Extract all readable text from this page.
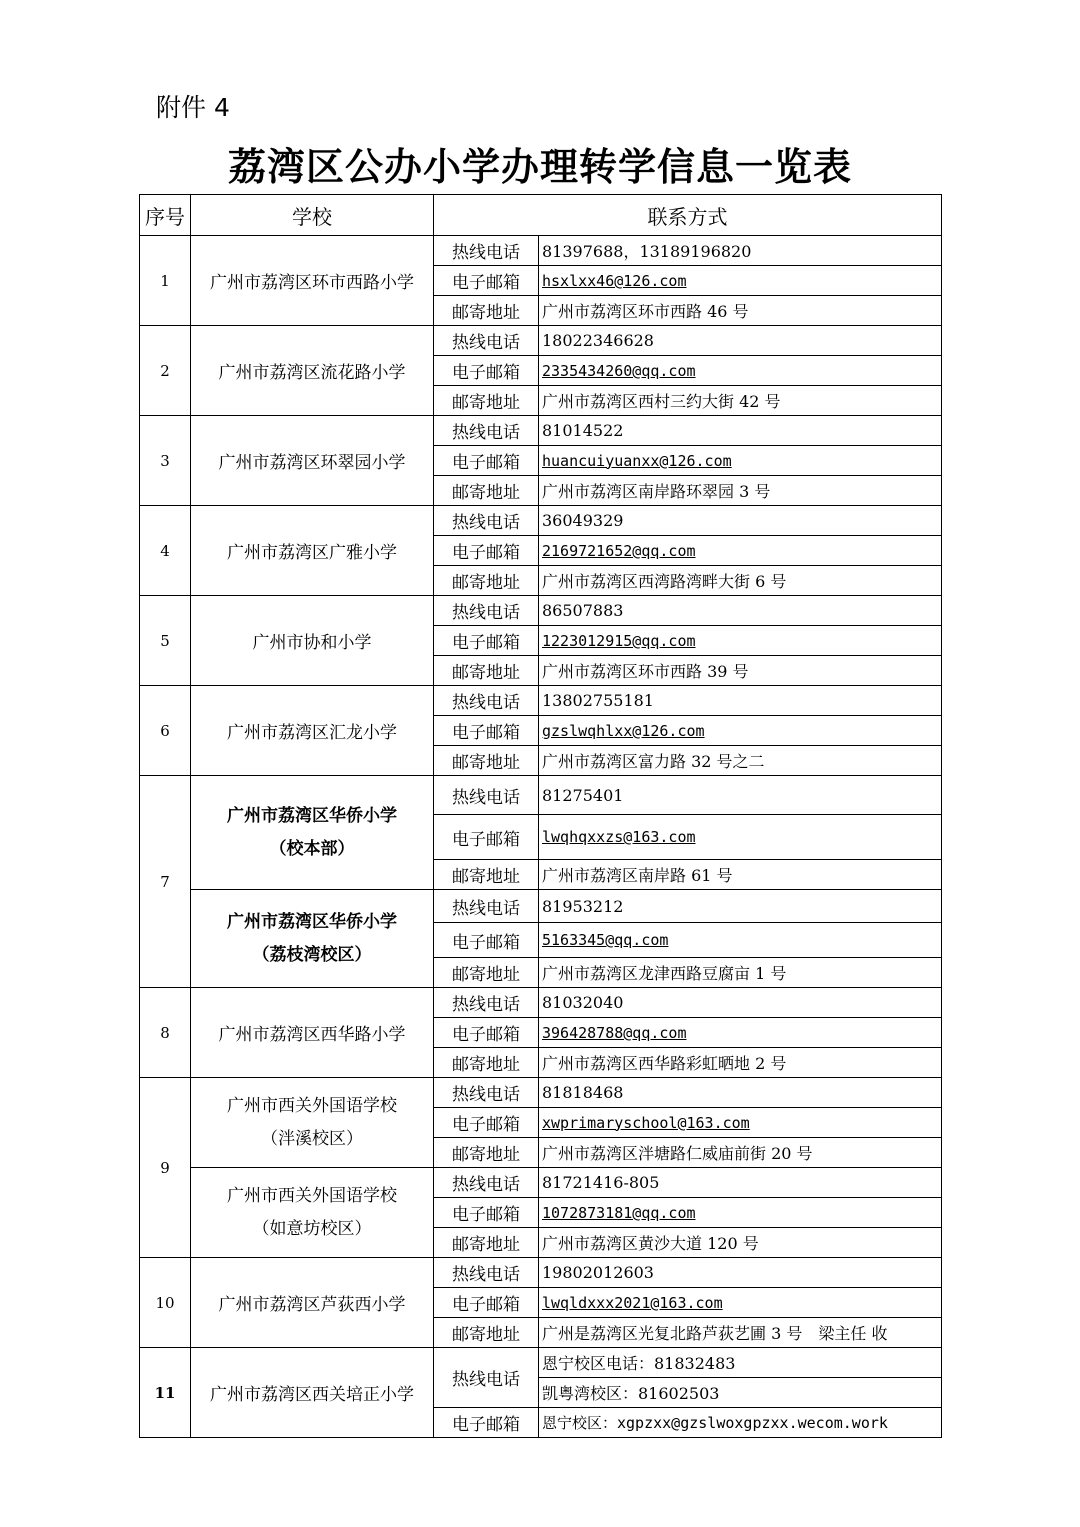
附件 4
荔湾区公办小学办理转学信息一览表
序号	学校	联系方式	
1	广州市荔湾区环市西路小学	热线电话	81397688，13189196820
		电子邮箱	hsxlxx46@126.com
		邮寄地址	广州市荔湾区环市西路 46 号
2	广州市荔湾区流花路小学	热线电话	18022346628
		电子邮箱	2335434260@qq.com
		邮寄地址	广州市荔湾区西村三约大街 42 号
3	广州市荔湾区环翠园小学	热线电话	81014522
		电子邮箱	huancuiyuanxx@126.com
		邮寄地址	广州市荔湾区南岸路环翠园 3 号
4	广州市荔湾区广雅小学	热线电话	36049329
		电子邮箱	2169721652@qq.com
		邮寄地址	广州市荔湾区西湾路湾畔大街 6 号
5	广州市协和小学	热线电话	86507883
		电子邮箱	1223012915@qq.com
		邮寄地址	广州市荔湾区环市西路 39 号
6	广州市荔湾区汇龙小学	热线电话	13802755181
		电子邮箱	gzslwqhlxx@126.com
		邮寄地址	广州市荔湾区富力路 32 号之二
7	广州市荔湾区华侨小学
（校本部）	热线电话	81275401
		电子邮箱	lwqhqxxzs@163.com
		邮寄地址	广州市荔湾区南岸路 61 号
	广州市荔湾区华侨小学
（荔枝湾校区）	热线电话	81953212
		电子邮箱	5163345@qq.com
		邮寄地址	广州市荔湾区龙津西路豆腐亩 1 号
8	广州市荔湾区西华路小学	热线电话	81032040
		电子邮箱	396428788@qq.com
		邮寄地址	广州市荔湾区西华路彩虹晒地 2 号
9	广州市西关外国语学校
（泮溪校区）	热线电话	81818468
		电子邮箱	xwprimaryschool@163.com
		邮寄地址	广州市荔湾区泮塘路仁威庙前街 20 号
	广州市西关外国语学校
（如意坊校区）	热线电话	81721416-805
		电子邮箱	1072873181@qq.com
		邮寄地址	广州市荔湾区黄沙大道 120 号
10	广州市荔湾区芦荻西小学	热线电话	19802012603
		电子邮箱	lwqldxxx2021@163.com
		邮寄地址	广州是荔湾区光复北路芦荻艺圃 3 号　梁主任 收
11	广州市荔湾区西关培正小学	热线电话	恩宁校区电话：81832483
			凯粤湾校区：81602503
		电子邮箱	恩宁校区：xgpzxx@gzslwoxgpzxx.wecom.work
